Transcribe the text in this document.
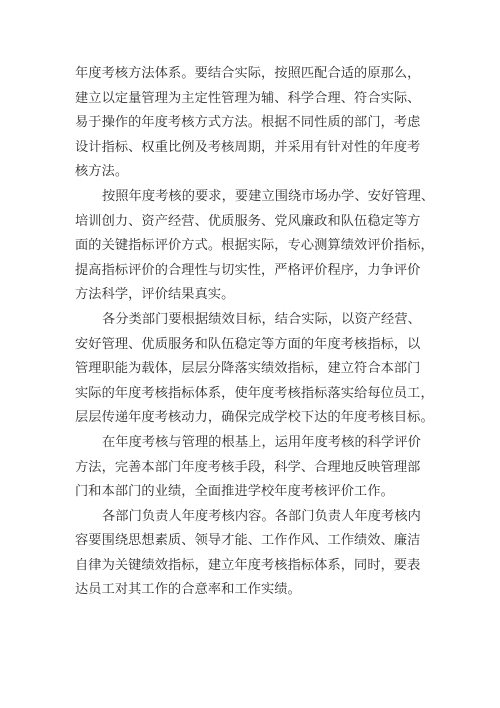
年度考核方法体系。要结合实际，按照匹配合适的原那么，
建立以定量管理为主定性管理为辅、科学合理、符合实际、
易于操作的年度考核方式方法。根据不同性质的部门，考虑
设计指标、权重比例及考核周期，并采用有针对性的年度考
核方法。
按照年度考核的要求，要建立围绕市场办学、安好管理、
培训创力、资产经营、优质服务、党风廉政和队伍稳定等方
面的关键指标评价方式。根据实际，专心测算绩效评价指标，
提高指标评价的合理性与切实性，严格评价程序，力争评价
方法科学，评价结果真实。
各分类部门要根据绩效目标，结合实际，以资产经营、
安好管理、优质服务和队伍稳定等方面的年度考核指标，以
管理职能为载体，层层分降落实绩效指标，建立符合本部门
实际的年度考核指标体系，使年度考核指标落实给每位员工，
层层传递年度考核动力，确保完成学校下达的年度考核目标。
在年度考核与管理的根基上，运用年度考核的科学评价
方法，完善本部门年度考核手段，科学、合理地反映管理部
门和本部门的业绩，全面推进学校年度考核评价工作。
各部门负责人年度考核内容。各部门负责人年度考核内
容要围绕思想素质、领导才能、工作作风、工作绩效、廉洁
自律为关键绩效指标，建立年度考核指标体系，同时，要表
达员工对其工作的合意率和工作实绩。
